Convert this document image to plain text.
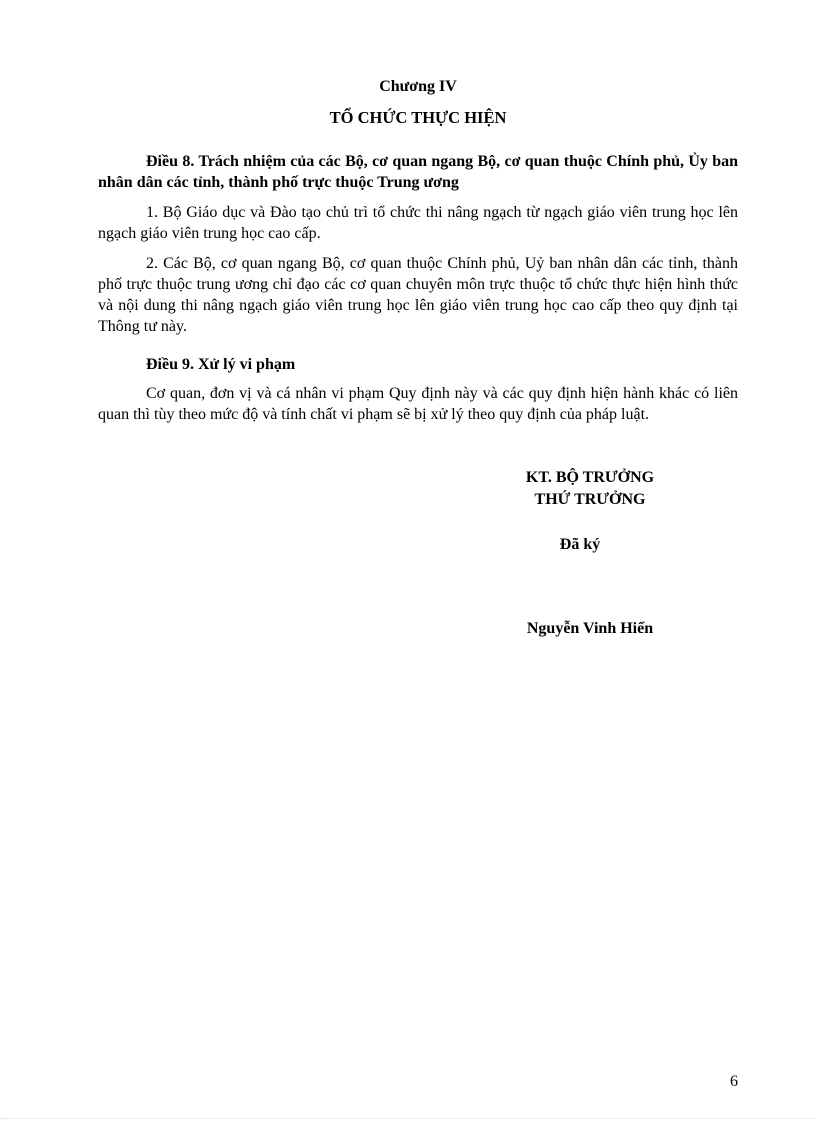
Chương IV
TỔ CHỨC THỰC HIỆN

Điều 8. Trách nhiệm của các Bộ, cơ quan ngang Bộ, cơ quan thuộc Chính phủ, Ủy ban nhân dân các tỉnh, thành phố trực thuộc Trung ương

1. Bộ Giáo dục và Đào tạo chủ trì tổ chức thi nâng ngạch từ ngạch giáo viên trung học lên ngạch giáo viên trung học cao cấp.

2. Các Bộ, cơ quan ngang Bộ, cơ quan thuộc Chính phủ, Uỷ ban nhân dân các tỉnh, thành phố trực thuộc trung ương chỉ đạo các cơ quan chuyên môn trực thuộc tổ chức thực hiện hình thức và nội dung thi nâng ngạch giáo viên trung học lên giáo viên trung học cao cấp theo quy định tại Thông tư này.

Điều 9. Xử lý vi phạm

Cơ quan, đơn vị và cá nhân vi phạm Quy định này và các quy định hiện hành khác có liên quan thì tùy theo mức độ và tính chất vi phạm sẽ bị xử lý theo quy định của pháp luật.

KT. BỘ TRƯỞNG
THỨ TRƯỞNG
Đã ký
Nguyễn Vinh Hiển
6
